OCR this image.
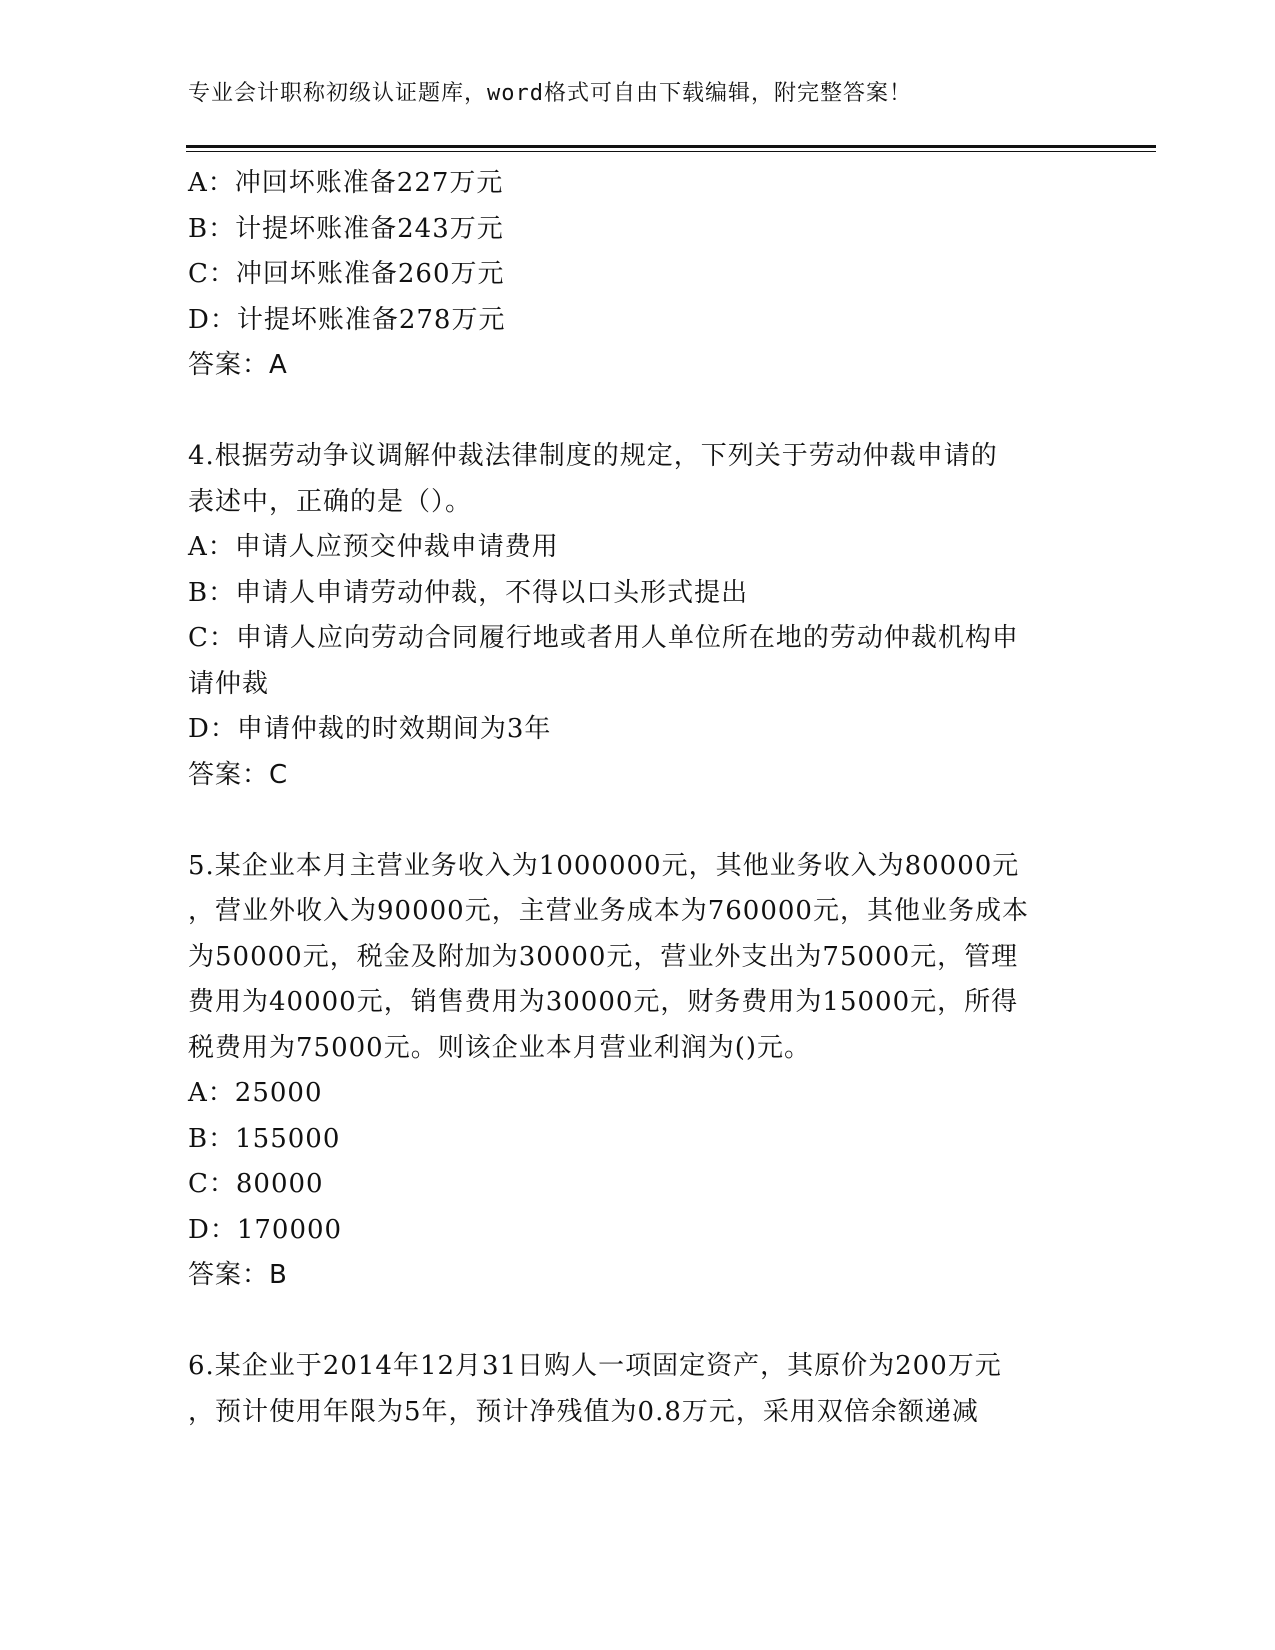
专业会计职称初级认证题库，word格式可自由下载编辑，附完整答案！
A：冲回坏账准备227万元
B：计提坏账准备243万元
C：冲回坏账准备260万元
D：计提坏账准备278万元
答案：A
4.根据劳动争议调解仲裁法律制度的规定，下列关于劳动仲裁申请的
表述中，正确的是（）。
A：申请人应预交仲裁申请费用
B：申请人申请劳动仲裁，不得以口头形式提出
C：申请人应向劳动合同履行地或者用人单位所在地的劳动仲裁机构申
请仲裁
D：申请仲裁的时效期间为3年
答案：C
5.某企业本月主营业务收入为1000000元，其他业务收入为80000元
，营业外收入为90000元，主营业务成本为760000元，其他业务成本
为50000元，税金及附加为30000元，营业外支出为75000元，管理
费用为40000元，销售费用为30000元，财务费用为15000元，所得
税费用为75000元。则该企业本月营业利润为()元。
A：25000
B：155000
C：80000
D：170000
答案：B
6.某企业于2014年12月31日购人一项固定资产，其原价为200万元
，预计使用年限为5年，预计净残值为0.8万元，采用双倍余额递减
